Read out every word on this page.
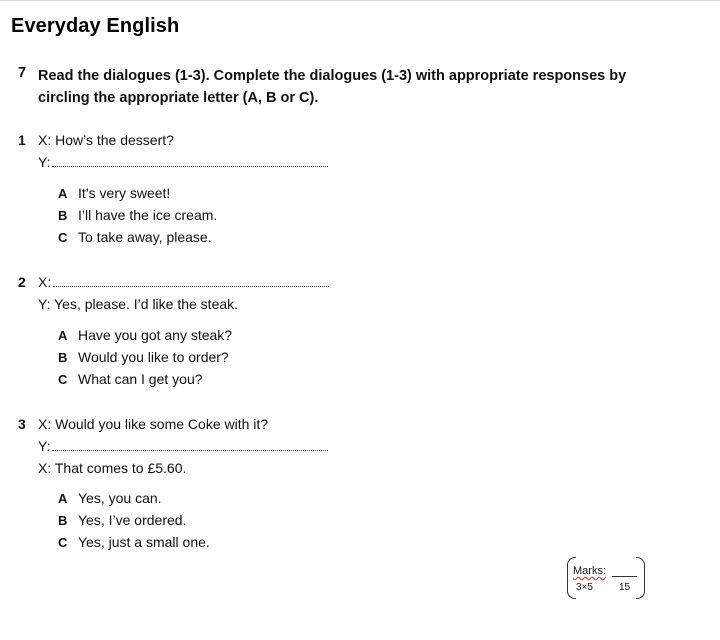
Everyday English
7 Read the dialogues (1-3). Complete the dialogues (1-3) with appropriate responses by circling the appropriate letter (A, B or C).
1 X: How’s the dessert?
Y:
A It’s very sweet!
B I’ll have the ice cream.
C To take away, please.
2 X:
Y: Yes, please. I’d like the steak.
A Have you got any steak?
B Would you like to order?
C What can I get you?
3 X: Would you like some Coke with it?
Y:
X: That comes to £5.60.
A Yes, you can.
B Yes, I’ve ordered.
C Yes, just a small one.
Marks:
3×5	15
